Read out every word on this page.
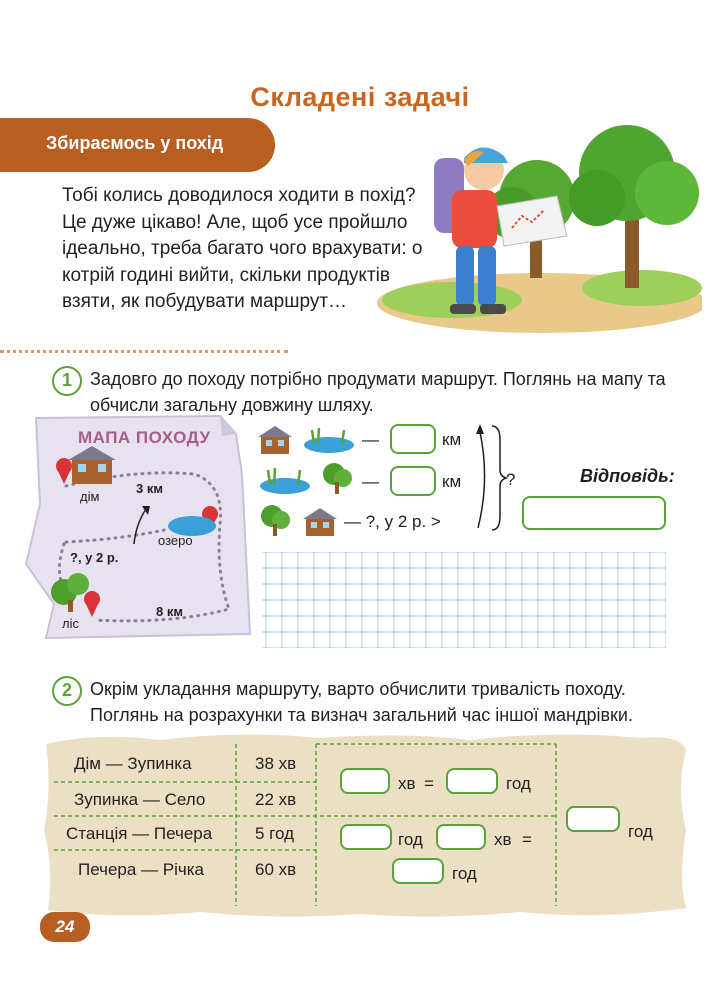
Складені задачі
Збираємось у похід
Тобі колись доводилося ходити в похід? Це дуже цікаво! Але, щоб усе пройшло ідеально, треба багато чого врахувати: о котрій годині вийти, скільки продуктів взяти, як побудувати маршрут…
1	Задовго до походу потрібно продумати маршрут. Поглянь на мапу та обчисли загальну довжину шляху.
МАПА ПОХОДУ
дім
3 км
озеро
?, у 2 р.
8 км
ліс
—	км
—	км
— ?, у 2 р. >
?	Відповідь:
2	Окрім укладання маршруту, варто обчислити тривалість походу. Поглянь на розрахунки та визнач загальний час іншої мандрівки.
Дім — Зупинка	38 хв
Зупинка — Село	22 хв
Станція — Печера	5 год
Печера — Річка	60 хв
хв =	год
год	хв =
год
год
24
